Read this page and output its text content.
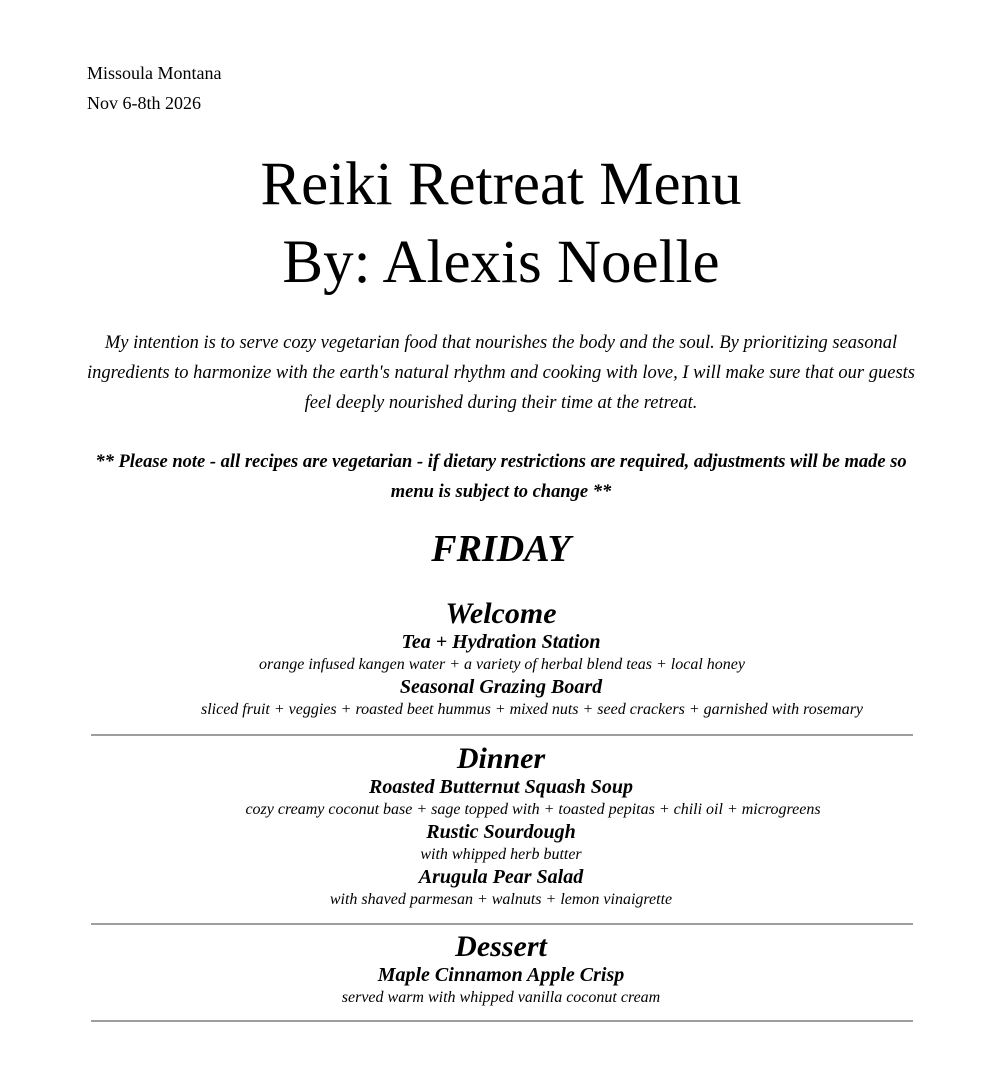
Missoula Montana
Nov 6-8th 2026
Reiki Retreat Menu
By: Alexis Noelle
My intention is to serve cozy vegetarian food that nourishes the body and the soul. By prioritizing seasonal ingredients to harmonize with the earth's natural rhythm and cooking with love, I will make sure that our guests feel deeply nourished during their time at the retreat.
** Please note - all recipes are vegetarian - if dietary restrictions are required, adjustments will be made so menu is subject to change **
FRIDAY
Welcome
Tea + Hydration Station
orange infused kangen water + a variety of herbal blend teas + local honey
Seasonal Grazing Board
sliced fruit + veggies + roasted beet hummus + mixed nuts + seed crackers + garnished with rosemary
Dinner
Roasted Butternut Squash Soup
cozy creamy coconut base + sage topped with + toasted pepitas + chili oil + microgreens
Rustic Sourdough
with whipped herb butter
Arugula Pear Salad
with shaved parmesan + walnuts + lemon vinaigrette
Dessert
Maple Cinnamon Apple Crisp
served warm with whipped vanilla coconut cream
